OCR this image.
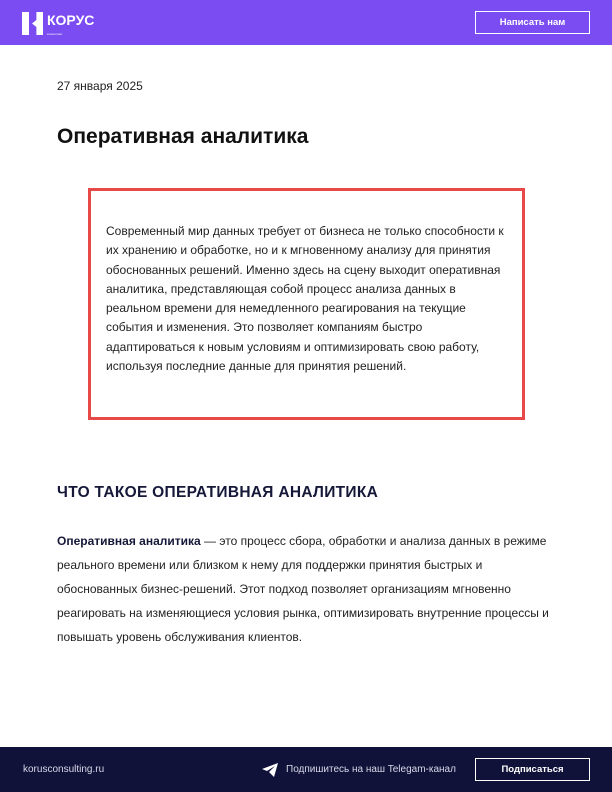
КОРУС
консалтинг
Написать нам
27 января 2025
Оперативная аналитика

Современный мир данных требует от бизнеса не только способности к их хранению и обработке, но и к мгновенному анализу для принятия обоснованных решений. Именно здесь на сцену выходит оперативная аналитика, представляющая собой процесс анализа данных в реальном времени для немедленного реагирования на текущие события и изменения. Это позволяет компаниям быстро адаптироваться к новым условиям и оптимизировать свою работу, используя последние данные для принятия решений.

ЧТО ТАКОЕ ОПЕРАТИВНАЯ АНАЛИТИКА

Оперативная аналитика — это процесс сбора, обработки и анализа данных в режиме реального времени или близком к нему для поддержки принятия быстрых и обоснованных бизнес-решений. Этот подход позволяет организациям мгновенно реагировать на изменяющиеся условия рынка, оптимизировать внутренние процессы и повышать уровень обслуживания клиентов.

korusconsulting.ru	Подпишитесь на наш Telegam-канал	Подписаться
